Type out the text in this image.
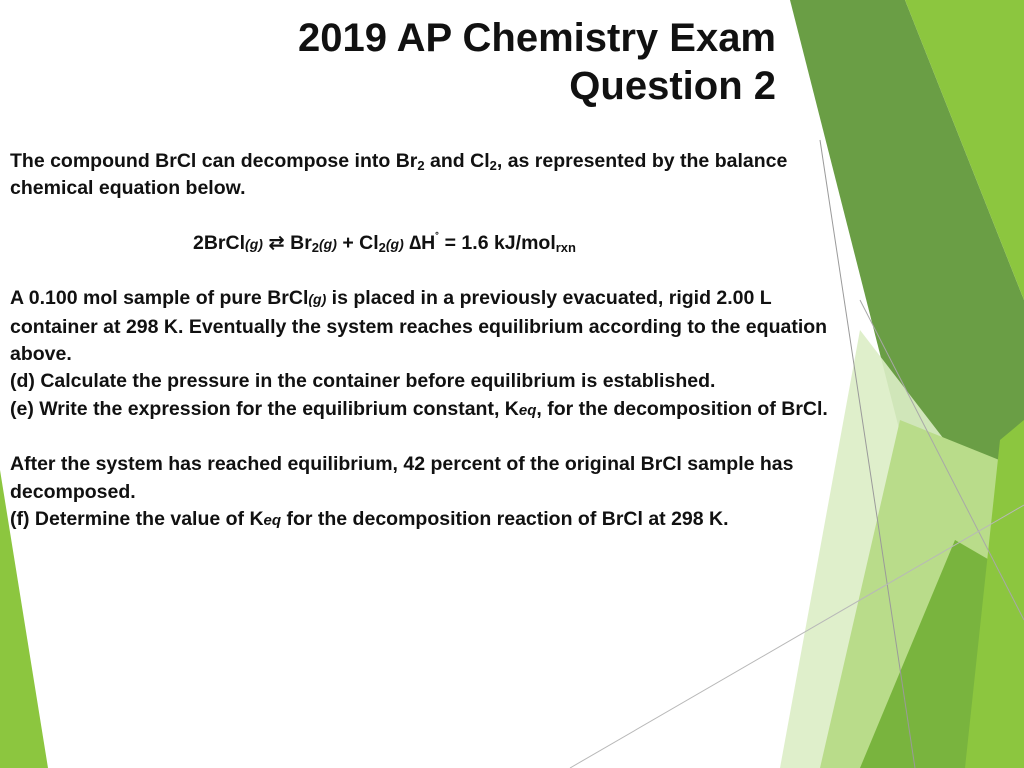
2019 AP Chemistry Exam
Question 2

The compound BrCl can decompose into $Br_2$ and $Cl_2$, as represented by the balance chemical equation below.

2BrCl(g) ⇄ $Br_2(g) + Cl_2(g) \Delta H^˚ = 1.6$ kJ/mol$_{rxn}$

A 0.100 mol sample of pure BrCl(g) is placed in a previously evacuated, rigid 2.00 L container at 298 K. Eventually the system reaches equilibrium according to the equation above.

(d) Calculate the pressure in the container before equilibrium is established.

(e) Write the expression for the equilibrium constant, Keq, for the decomposition of BrCl.

After the system has reached equilibrium, 42 percent of the original BrCl sample has decomposed.

(f) Determine the value of Keq for the decomposition reaction of BrCl at 298 K.
